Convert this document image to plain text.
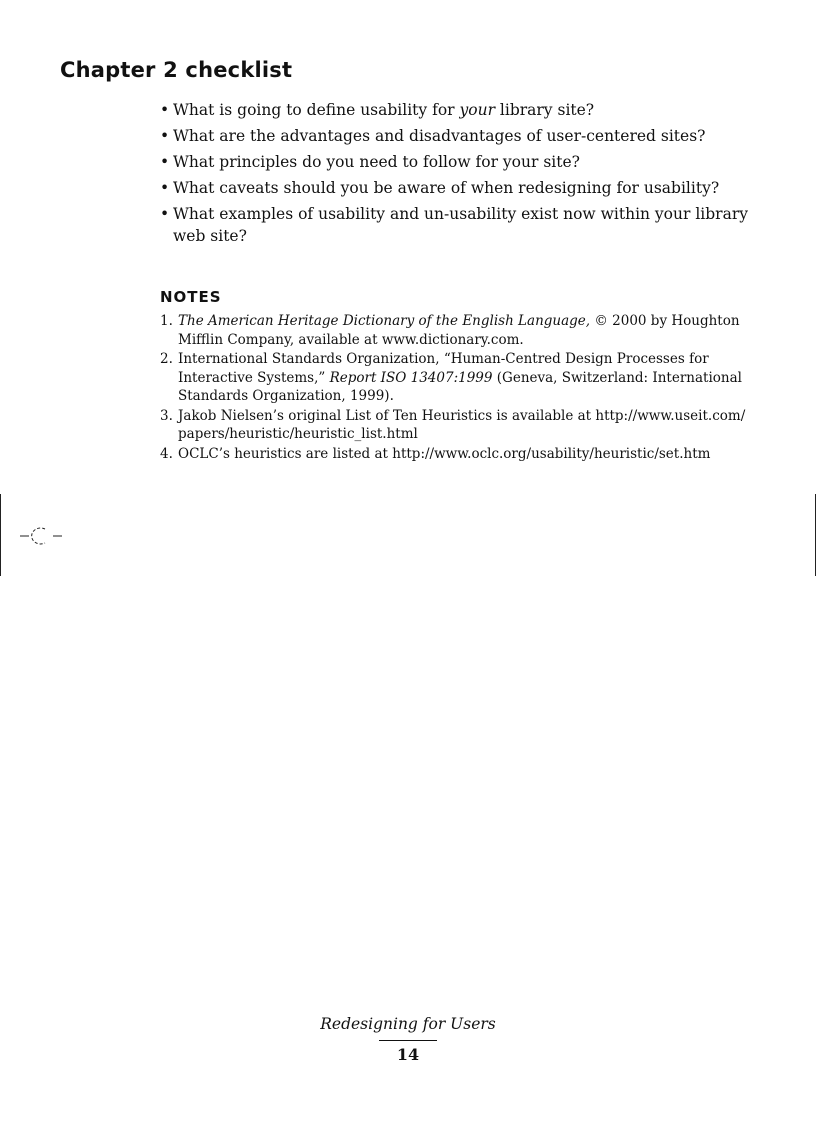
Chapter 2 checklist
• What is going to define usability for your library site?
• What are the advantages and disadvantages of user-centered sites?
• What principles do you need to follow for your site?
• What caveats should you be aware of when redesigning for usability?
• What examples of usability and un-usability exist now within your library web site?
NOTES
1. The American Heritage Dictionary of the English Language, © 2000 by Houghton Mifflin Company, available at www.dictionary.com.
2. International Standards Organization, “Human-Centred Design Processes for Interactive Systems,” Report ISO 13407:1999 (Geneva, Switzerland: International Standards Organization, 1999).
3. Jakob Nielsen’s original List of Ten Heuristics is available at http://www.useit.com/ papers/heuristic/heuristic_list.html
4. OCLC’s heuristics are listed at http://www.oclc.org/usability/heuristic/set.htm
Redesigning for Users
14
